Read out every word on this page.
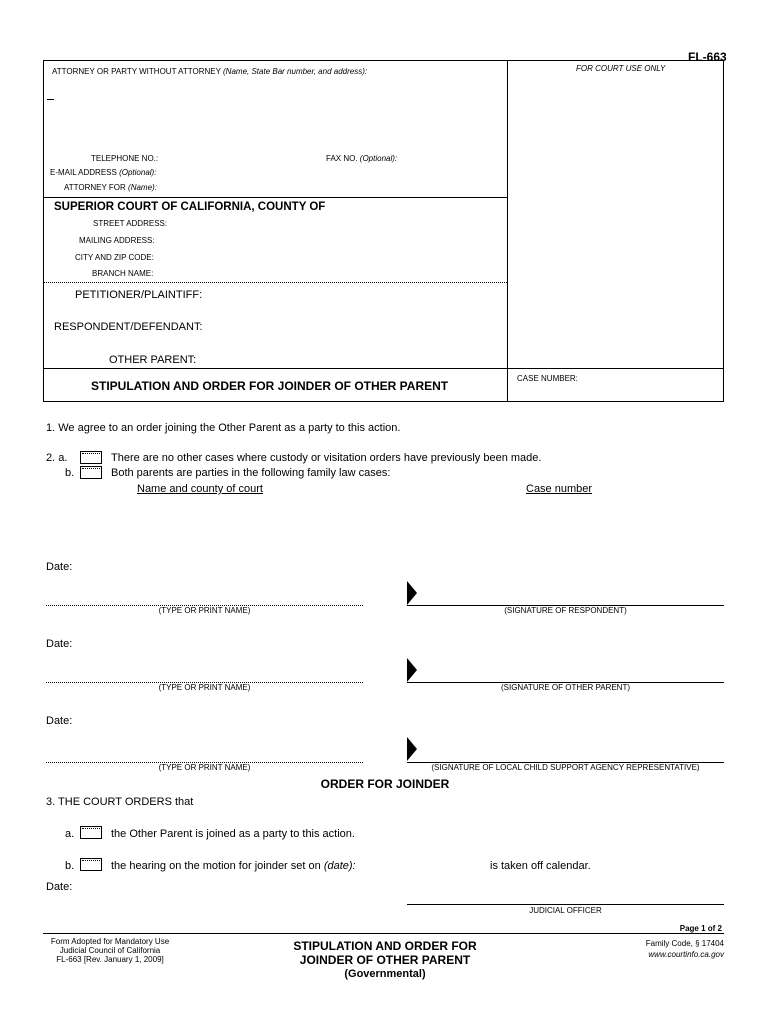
FL-663
ATTORNEY OR PARTY WITHOUT ATTORNEY (Name, State Bar number, and address):	FOR COURT USE ONLY
TELEPHONE NO.:	FAX NO. (Optional):
E-MAIL ADDRESS (Optional):
ATTORNEY FOR (Name):
SUPERIOR COURT OF CALIFORNIA, COUNTY OF
STREET ADDRESS:
MAILING ADDRESS:
CITY AND ZIP CODE:
BRANCH NAME:
PETITIONER/PLAINTIFF:
RESPONDENT/DEFENDANT:
OTHER PARENT:
STIPULATION AND ORDER FOR JOINDER OF OTHER PARENT
CASE NUMBER:
1. We agree to an order joining the Other Parent as a party to this action.
2. a.	There are no other cases where custody or visitation orders have previously been made.
b.	Both parents are parties in the following family law cases:
Name and county of court	Case number
Date:
(TYPE OR PRINT NAME)	(SIGNATURE OF RESPONDENT)
Date:
(TYPE OR PRINT NAME)	(SIGNATURE OF OTHER PARENT)
Date:
(TYPE OR PRINT NAME)	(SIGNATURE OF LOCAL CHILD SUPPORT AGENCY REPRESENTATIVE)
ORDER FOR JOINDER
3. THE COURT ORDERS that
a.	the Other Parent is joined as a party to this action.
b.	the hearing on the motion for joinder set on (date):	is taken off calendar.
Date:
JUDICIAL OFFICER
Page 1 of 2
Form Adopted for Mandatory Use
Judicial Council of California
FL-663 [Rev. January 1, 2009]
STIPULATION AND ORDER FOR
JOINDER OF OTHER PARENT
(Governmental)
Family Code, § 17404
www.courtinfo.ca.gov
